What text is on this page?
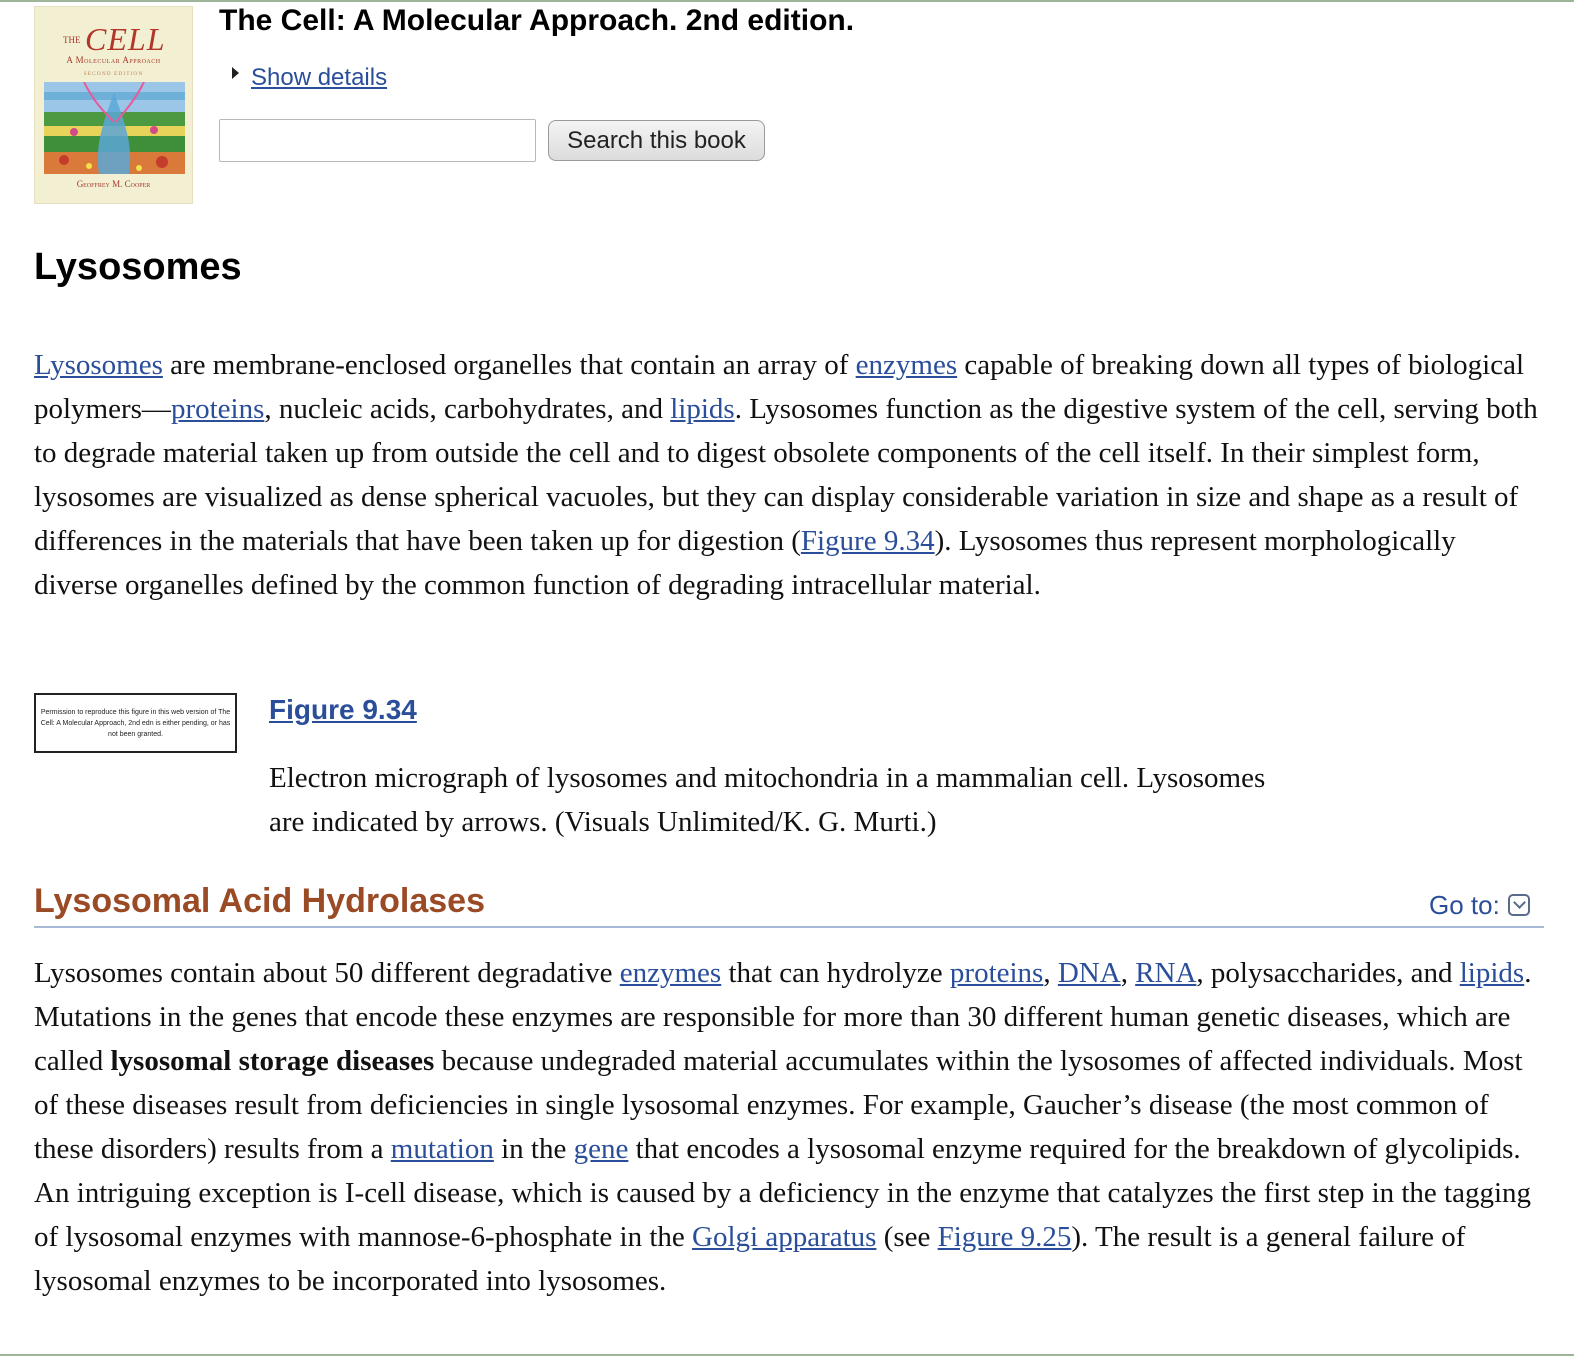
THE CELL
A Molecular Approach
SECOND EDITION
Geoffrey M. Cooper
The Cell: A Molecular Approach. 2nd edition.
Show details
Search this book
Lysosomes

Lysosomes are membrane-enclosed organelles that contain an array of enzymes capable of breaking down all types of biological polymers—proteins, nucleic acids, carbohydrates, and lipids. Lysosomes function as the digestive system of the cell, serving both to degrade material taken up from outside the cell and to digest obsolete components of the cell itself. In their simplest form, lysosomes are visualized as dense spherical vacuoles, but they can display considerable variation in size and shape as a result of differences in the materials that have been taken up for digestion (Figure 9.34). Lysosomes thus represent morphologically diverse organelles defined by the common function of degrading intracellular material.

Permission to reproduce this figure in this web version of The Cell: A Molecular Approach, 2nd edn is either pending, or has not been granted.
Figure 9.34

Electron micrograph of lysosomes and mitochondria in a mammalian cell. Lysosomes are indicated by arrows. (Visuals Unlimited/K. G. Murti.)

Lysosomal Acid Hydrolases	Go to:

Lysosomes contain about 50 different degradative enzymes that can hydrolyze proteins, DNA, RNA, polysaccharides, and lipids. Mutations in the genes that encode these enzymes are responsible for more than 30 different human genetic diseases, which are called lysosomal storage diseases because undegraded material accumulates within the lysosomes of affected individuals. Most of these diseases result from deficiencies in single lysosomal enzymes. For example, Gaucher’s disease (the most common of these disorders) results from a mutation in the gene that encodes a lysosomal enzyme required for the breakdown of glycolipids. An intriguing exception is I-cell disease, which is caused by a deficiency in the enzyme that catalyzes the first step in the tagging of lysosomal enzymes with mannose-6-phosphate in the Golgi apparatus (see Figure 9.25). The result is a general failure of lysosomal enzymes to be incorporated into lysosomes.
